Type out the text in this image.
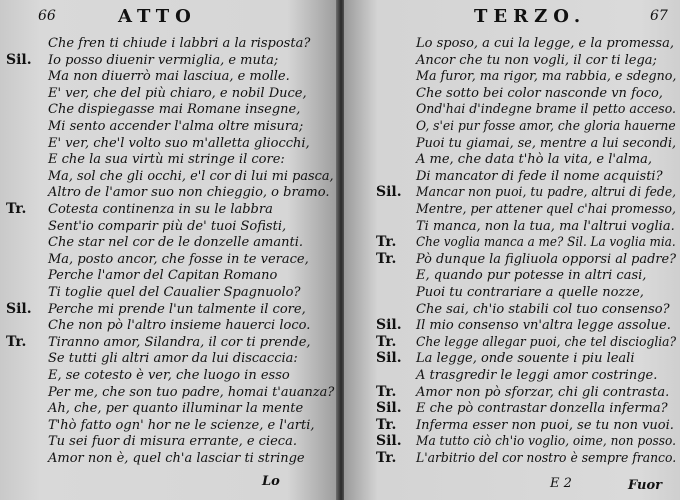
66	ATTO
Che fren ti chiude i labbri a la risposta?
Sil. Io posso diuenir vermiglia, e muta;
Ma non diuerrò mai lasciua, e molle.
E' ver, che del più chiaro, e nobil Duce,
Che dispiegasse mai Romane insegne,
Mi sento accender l'alma oltre misura;
E' ver, che'l volto suo m'alletta gliocchi,
E che la sua virtù mi stringe il core:
Ma, sol che gli occhi, e'l cor di lui mi pasca,
Altro de l'amor suo non chieggio, o bramo.
Tr. Cotesta continenza in su le labbra
Sent'io comparir più de' tuoi Sofisti,
Che star nel cor de le donzelle amanti.
Ma, posto ancor, che fosse in te verace,
Perche l'amor del Capitan Romano
Ti toglie quel del Caualier Spagnuolo?
Sil. Perche mi prende l'un talmente il core,
Che non pò l'altro insieme hauerci loco.
Tr. Tiranno amor, Silandra, il cor ti prende,
Se tutti gli altri amor da lui discaccia:
E, se cotesto è ver, che luogo in esso
Per me, che son tuo padre, homai t'auanza?
Ah, che, per quanto illuminar la mente
T'hò fatto ogn' hor ne le scienze, e l'arti,
Tu sei fuor di misura errante, e cieca.
Amor non è, quel ch'a lasciar ti stringe
Lo
TERZO.	67
Lo sposo, a cui la legge, e la promessa,
Ancor che tu non vogli, il cor ti lega;
Ma furor, ma rigor, ma rabbia, e sdegno,
Che sotto bei color nasconde vn foco,
Ond'hai d'indegne brame il petto acceso.
O, s'ei pur fosse amor, che gloria hauerne
Puoi tu giamai, se, mentre a lui secondi,
A me, che data t'hò la vita, e l'alma,
Di mancator di fede il nome acquisti?
Sil. Mancar non puoi, tu padre, altrui di fede,
Mentre, per attener quel c'hai promesso,
Ti manca, non la tua, ma l'altrui voglia.
Tr. Che voglia manca a me? Sil. La voglia mia.
Tr. Pò dunque la figliuola opporsi al padre?
E, quando pur potesse in altri casi,
Puoi tu contrariare a quelle nozze,
Che sai, ch'io stabili col tuo consenso?
Sil. Il mio consenso vn'altra legge assolue.
Tr. Che legge allegar puoi, che tel discioglia?
Sil. La legge, onde souente i piu leali
A trasgredir le leggi amor costringe.
Tr. Amor non pò sforzar, chi gli contrasta.
Sil. E che pò contrastar donzella inferma?
Tr. Inferma esser non puoi, se tu non vuoi.
Sil. Ma tutto ciò ch'io voglio, oime, non posso.
Tr. L'arbitrio del cor nostro è sempre franco.
E 2	Fuor
